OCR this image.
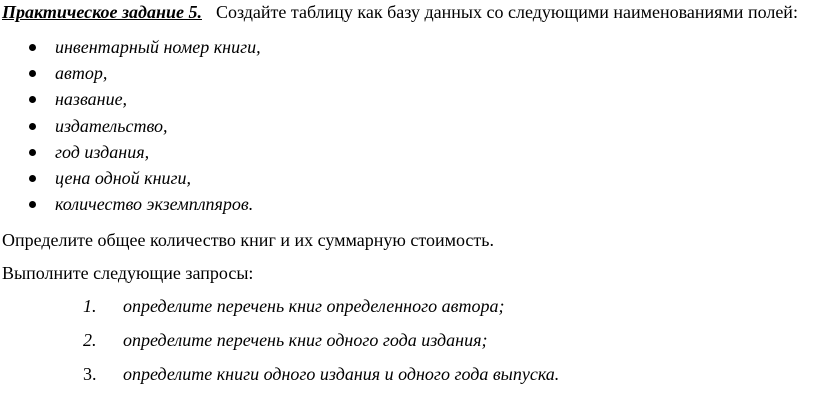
Практическое задание 5. Создайте таблицу как базу данных со следующими наименованиями полей:
инвентарный номер книги,
автор,
название,
издательство,
год издания,
цена одной книги,
количество экземплпяров.
Определите общее количество книг и их суммарную стоимость.
Выполните следующие запросы:
1. определите перечень книг определенного автора;
2. определите перечень книг одного года издания;
3. определите книги одного издания и одного года выпуска.
